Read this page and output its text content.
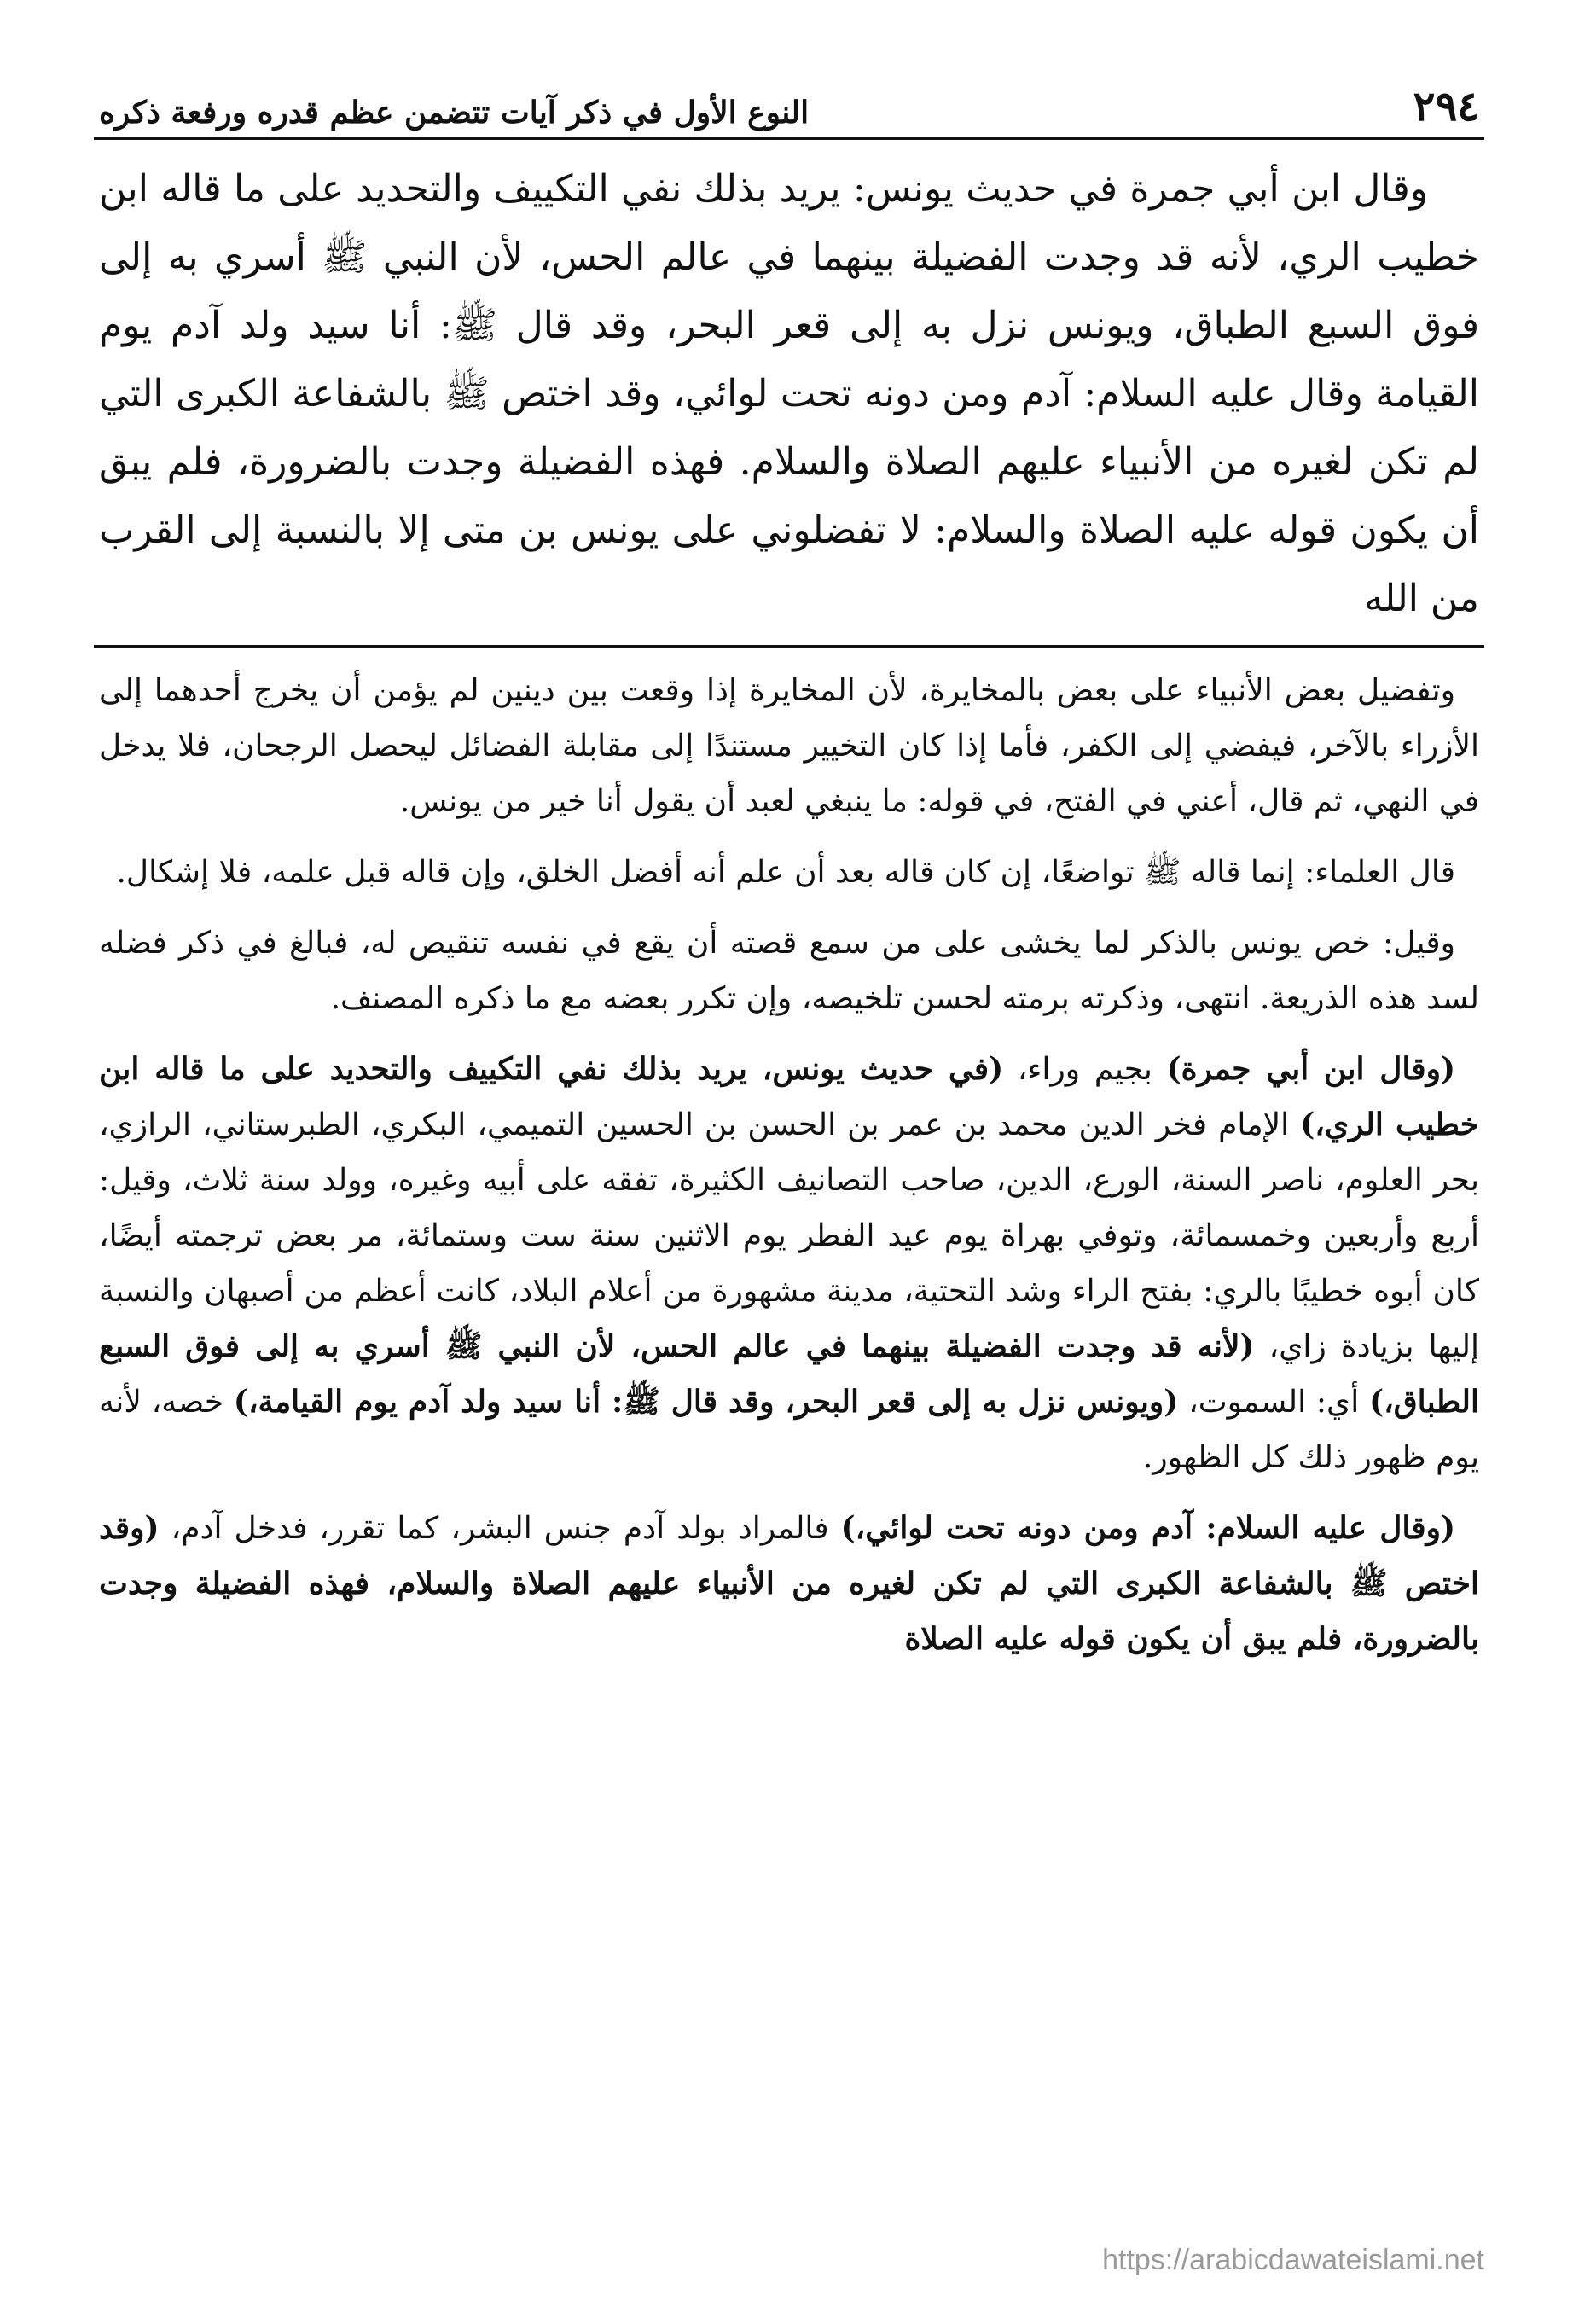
٢٩٤
النوع الأول في ذكر آيات تتضمن عظم قدره ورفعة ذكره

وقال ابن أبي جمرة في حديث يونس: يريد بذلك نفي التكييف والتحديد على ما قاله ابن خطيب الري، لأنه قد وجدت الفضيلة بينهما في عالم الحس، لأن النبي ﷺ أسري به إلى فوق السبع الطباق، ويونس نزل به إلى قعر البحر، وقد قال ﷺ: أنا سيد ولد آدم يوم القيامة وقال عليه السلام: آدم ومن دونه تحت لوائي، وقد اختص ﷺ بالشفاعة الكبرى التي لم تكن لغيره من الأنبياء عليهم الصلاة والسلام. فهذه الفضيلة وجدت بالضرورة، فلم يبق أن يكون قوله عليه الصلاة والسلام: لا تفضلوني على يونس بن متى إلا بالنسبة إلى القرب من الله

وتفضيل بعض الأنبياء على بعض بالمخايرة، لأن المخايرة إذا وقعت بين دينين لم يؤمن أن يخرج أحدهما إلى الأزراء بالآخر، فيفضي إلى الكفر، فأما إذا كان التخيير مستندًا إلى مقابلة الفضائل ليحصل الرجحان، فلا يدخل في النهي، ثم قال، أعني في الفتح، في قوله: ما ينبغي لعبد أن يقول أنا خير من يونس.

قال العلماء: إنما قاله ﷺ تواضعًا، إن كان قاله بعد أن علم أنه أفضل الخلق، وإن قاله قبل علمه، فلا إشكال.

وقيل: خص يونس بالذكر لما يخشى على من سمع قصته أن يقع في نفسه تنقيص له، فبالغ في ذكر فضله لسد هذه الذريعة. انتهى، وذكرته برمته لحسن تلخيصه، وإن تكرر بعضه مع ما ذكره المصنف.

(وقال ابن أبي جمرة) بجيم وراء، (في حديث يونس، يريد بذلك نفي التكييف والتحديد على ما قاله ابن خطيب الري،) الإمام فخر الدين محمد بن عمر بن الحسن بن الحسين التميمي، البكري، الطبرستاني، الرازي، بحر العلوم، ناصر السنة، الورع، الدين، صاحب التصانيف الكثيرة، تفقه على أبيه وغيره، وولد سنة ثلاث، وقيل: أربع وأربعين وخمسمائة، وتوفي بهراة يوم عيد الفطر يوم الاثنين سنة ست وستمائة، مر بعض ترجمته أيضًا، كان أبوه خطيبًا بالري: بفتح الراء وشد التحتية، مدينة مشهورة من أعلام البلاد، كانت أعظم من أصبهان والنسبة إليها بزيادة زاي، (لأنه قد وجدت الفضيلة بينهما في عالم الحس، لأن النبي ﷺ أسري به إلى فوق السبع الطباق،) أي: السموت، (ويونس نزل به إلى قعر البحر، وقد قال ﷺ: أنا سيد ولد آدم يوم القيامة،) خصه، لأنه يوم ظهور ذلك كل الظهور.

(وقال عليه السلام: آدم ومن دونه تحت لوائي،) فالمراد بولد آدم جنس البشر، كما تقرر، فدخل آدم، (وقد اختص ﷺ بالشفاعة الكبرى التي لم تكن لغيره من الأنبياء عليهم الصلاة والسلام، فهذه الفضيلة وجدت بالضرورة، فلم يبق أن يكون قوله عليه الصلاة

https://arabicdawateislami.net
